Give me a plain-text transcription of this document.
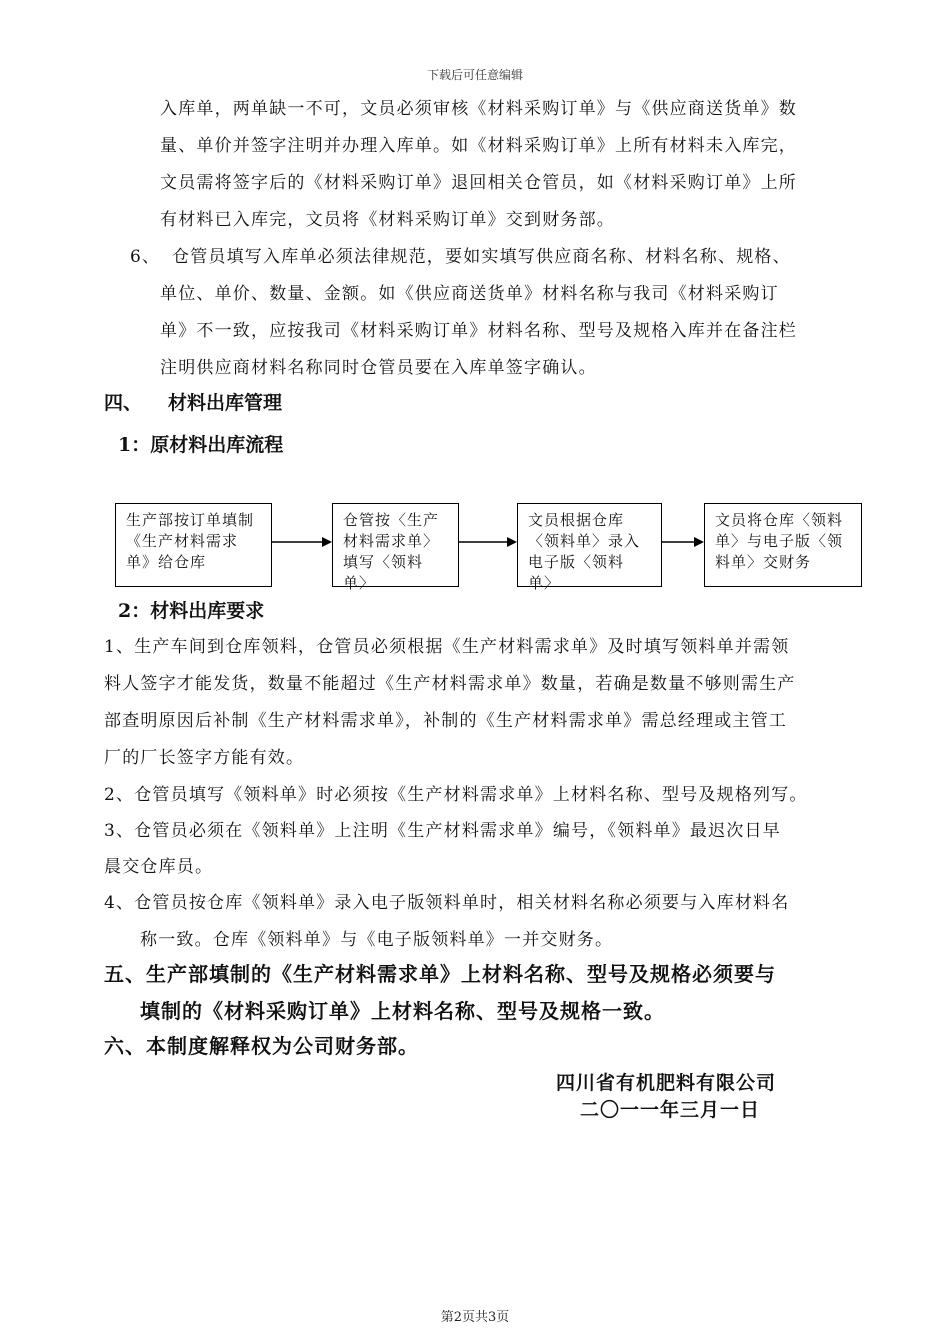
下载后可任意编辑
入库单，两单缺一不可，文员必须审核《材料采购订单》与《供应商送货单》数
量、单价并签字注明并办理入库单。如《材料采购订单》上所有材料未入库完，
文员需将签字后的《材料采购订单》退回相关仓管员，如《材料采购订单》上所
有材料已入库完，文员将《材料采购订单》交到财务部。
6、 仓管员填写入库单必须法律规范，要如实填写供应商名称、材料名称、规格、
单位、单价、数量、金额。如《供应商送货单》材料名称与我司《材料采购订
单》不一致，应按我司《材料采购订单》材料名称、型号及规格入库并在备注栏
注明供应商材料名称同时仓管员要在入库单签字确认。
四、 材料出库管理
1：原材料出库流程
生产部按订单填制
《生产材料需求
单》给仓库
仓管按〈生产
材料需求单〉
填写〈领料
单〉
文员根据仓库
〈领料单〉录入
电子版〈领料
单〉
文员将仓库〈领料
单〉与电子版〈领
料单〉交财务
2：材料出库要求
1、生产车间到仓库领料，仓管员必须根据《生产材料需求单》及时填写领料单并需领
料人签字才能发货，数量不能超过《生产材料需求单》数量，若确是数量不够则需生产
部查明原因后补制《生产材料需求单》，补制的《生产材料需求单》需总经理或主管工
厂的厂长签字方能有效。
2、仓管员填写《领料单》时必须按《生产材料需求单》上材料名称、型号及规格列写。
3、仓管员必须在《领料单》上注明《生产材料需求单》编号，《领料单》最迟次日早
晨交仓库员。
4、仓管员按仓库《领料单》录入电子版领料单时，相关材料名称必须要与入库材料名
称一致。仓库《领料单》与《电子版领料单》一并交财务。
五、生产部填制的《生产材料需求单》上材料名称、型号及规格必须要与
填制的《材料采购订单》上材料名称、型号及规格一致。
六、本制度解释权为公司财务部。
四川省有机肥料有限公司
二〇一一年三月一日
第2页共3页
